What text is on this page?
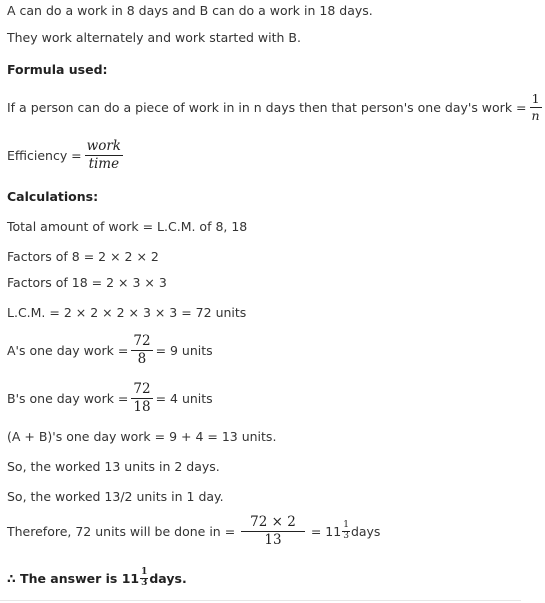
A can do a work in 8 days and B can do a work in 18 days.
They work alternately and work started with B.
Formula used:
If a person can do a piece of work in in n days then that person's one day's work = $\frac{1}{n}$
Efficiency = $\frac{\text{work}}{\text{time}}$
Calculations:
Total amount of work = L.C.M. of 8, 18
Factors of 8 = 2 × 2 × 2
Factors of 18 = 2 × 3 × 3
L.C.M. = 2 × 2 × 2 × 3 × 3 = 72 units
A's one day work = $\frac{72}{8} = 9$ units
B's one day work = $\frac{72}{18} = 4$ units
(A + B)'s one day work = 9 + 4 = 13 units.
So, the worked 13 units in 2 days.
So, the worked 13/2 units in 1 day.
Therefore, 72 units will be done in = $\frac{72 \times 2}{13} = 11 \frac{1}{3}$ days
∴ The answer is $11 \frac{1}{3}$ days.
